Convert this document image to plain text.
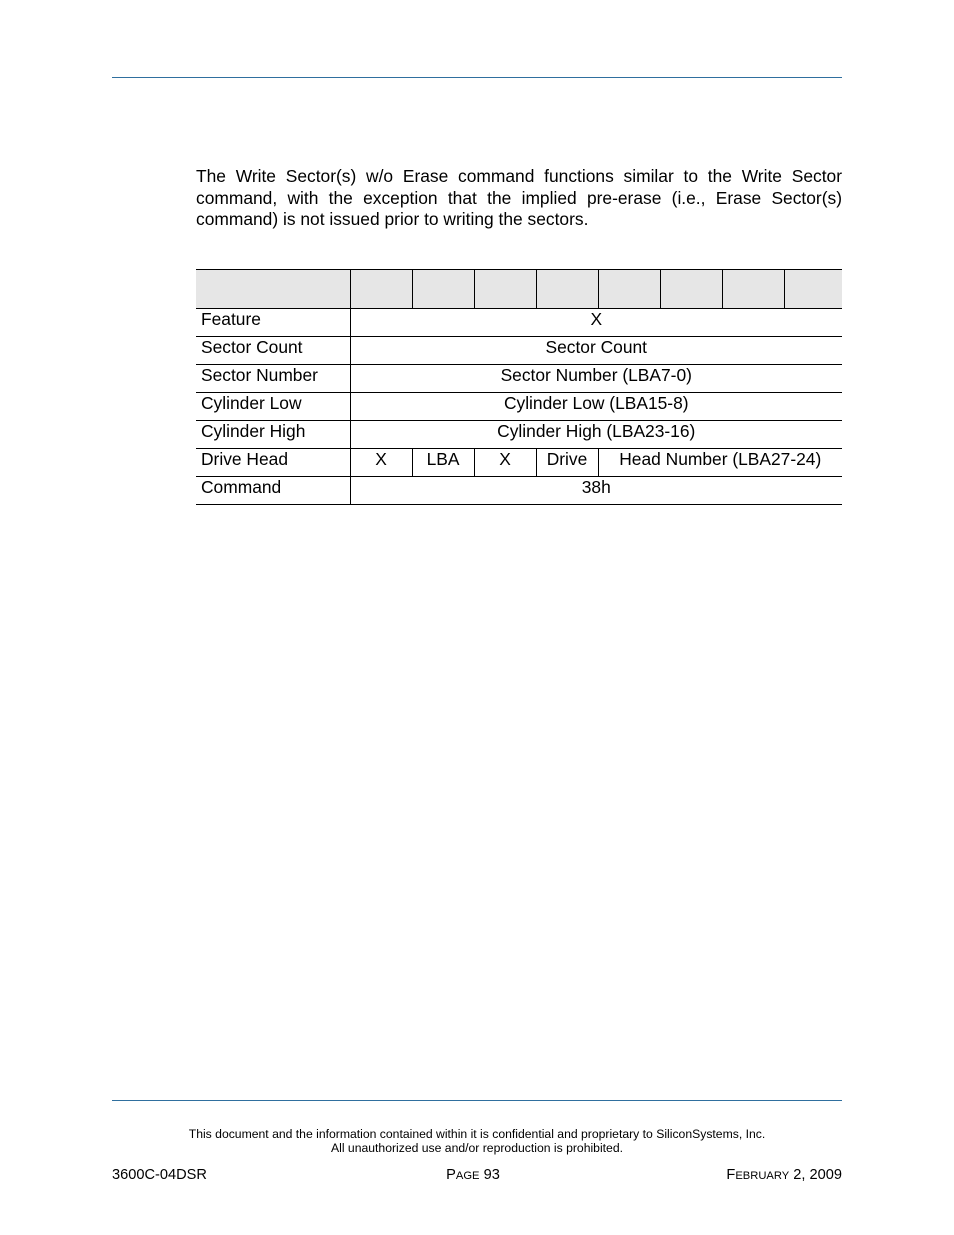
The Write Sector(s) w/o Erase command functions similar to the Write Sector command, with the exception that the implied pre-erase (i.e., Erase Sector(s) command) is not issued prior to writing the sectors.

Feature	X							
Sector Count	Sector Count							
Sector Number	Sector Number (LBA7-0)							
Cylinder Low	Cylinder Low (LBA15-8)							
Cylinder High	Cylinder High (LBA23-16)							
Drive Head	X	LBA	X	Drive	Head Number (LBA27-24)			
Command	38h							
This document and the information contained within it is confidential and proprietary to SiliconSystems, Inc.
All unauthorized use and/or reproduction is prohibited.
3600C-04DSR	PAGE 93	FEBRUARY 2, 2009
